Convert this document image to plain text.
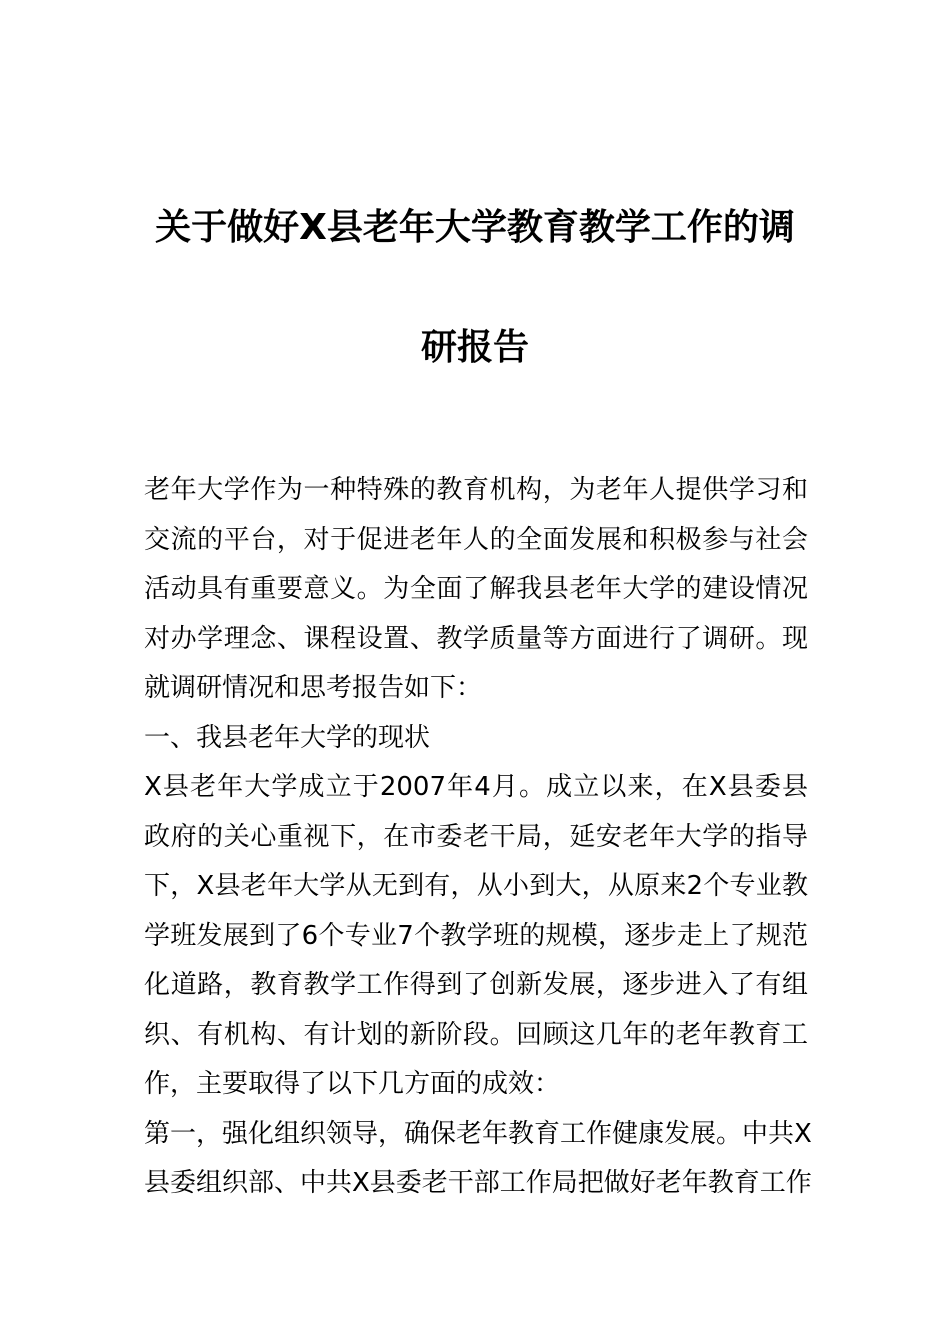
关于做好X县老年大学教育教学工作的调
研报告
老年大学作为一种特殊的教育机构，为老年人提供学习和
交流的平台，对于促进老年人的全面发展和积极参与社会
活动具有重要意义。为全面了解我县老年大学的建设情况
对办学理念、课程设置、教学质量等方面进行了调研。现
就调研情况和思考报告如下：
一、我县老年大学的现状
X县老年大学成立于2007年4月。成立以来，在X县委县
政府的关心重视下，在市委老干局，延安老年大学的指导
下，X县老年大学从无到有，从小到大，从原来2个专业教
学班发展到了6个专业7个教学班的规模，逐步走上了规范
化道路，教育教学工作得到了创新发展，逐步进入了有组
织、有机构、有计划的新阶段。回顾这几年的老年教育工
作，主要取得了以下几方面的成效：
第一，强化组织领导，确保老年教育工作健康发展。中共X
县委组织部、中共X县委老干部工作局把做好老年教育工作
